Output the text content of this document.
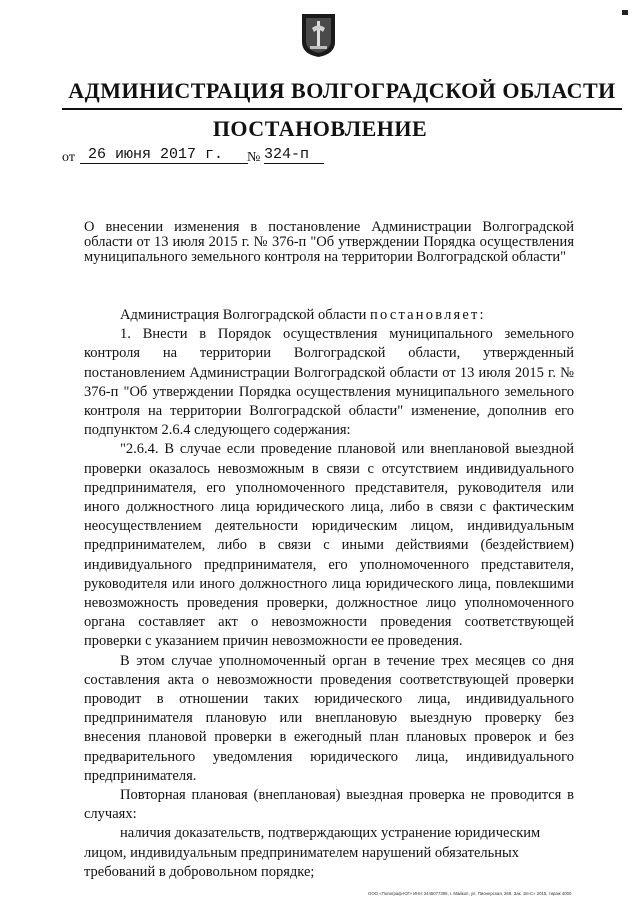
АДМИНИСТРАЦИЯ ВОЛГОГРАДСКОЙ ОБЛАСТИ
ПОСТАНОВЛЕНИЕ
от 26 июня 2017 г.	№ 324-п
О внесении изменения в постановление Администрации Волгоградской области от 13 июля 2015 г. № 376-п "Об утверждении Порядка осуществления муниципального земельного контроля на территории Волгоградской области"

Администрация Волгоградской области постановляет:

1. Внести в Порядок осуществления муниципального земельного контроля на территории Волгоградской области, утвержденный постановлением Администрации Волгоградской области от 13 июля 2015 г. № 376-п "Об утверждении Порядка осуществления муниципального земельного контроля на территории Волгоградской области" изменение, дополнив его подпунктом 2.6.4 следующего содержания:

"2.6.4. В случае если проведение плановой или внеплановой выездной проверки оказалось невозможным в связи с отсутствием индивидуального предпринимателя, его уполномоченного представителя, руководителя или иного должностного лица юридического лица, либо в связи с фактическим неосуществлением деятельности юридическим лицом, индивидуальным предпринимателем, либо в связи с иными действиями (бездействием) индивидуального предпринимателя, его уполномоченного представителя, руководителя или иного должностного лица юридического лица, повлекшими невозможность проведения проверки, должностное лицо уполномоченного органа составляет акт о невозможности проведения соответствующей проверки с указанием причин невозможности ее проведения.

В этом случае уполномоченный орган в течение трех месяцев со дня составления акта о невозможности проведения соответствующей проверки проводит в отношении таких юридического лица, индивидуального предпринимателя плановую или внеплановую выездную проверку без внесения плановой проверки в ежегодный план плановых проверок и без предварительного уведомления юридического лица, индивидуального предпринимателя.

Повторная плановая (внеплановая) выездная проверка не проводится в случаях:

наличия доказательств, подтверждающих устранение юридическим лицом, индивидуальным предпринимателем нарушений обязательных требований в добровольном порядке;

ООО «Полиграф-ЮГ» ИНН 3445077395, г. Майкоп, ул. Пионерская, 268. Зак. 18«С» 2015, тираж 4000
